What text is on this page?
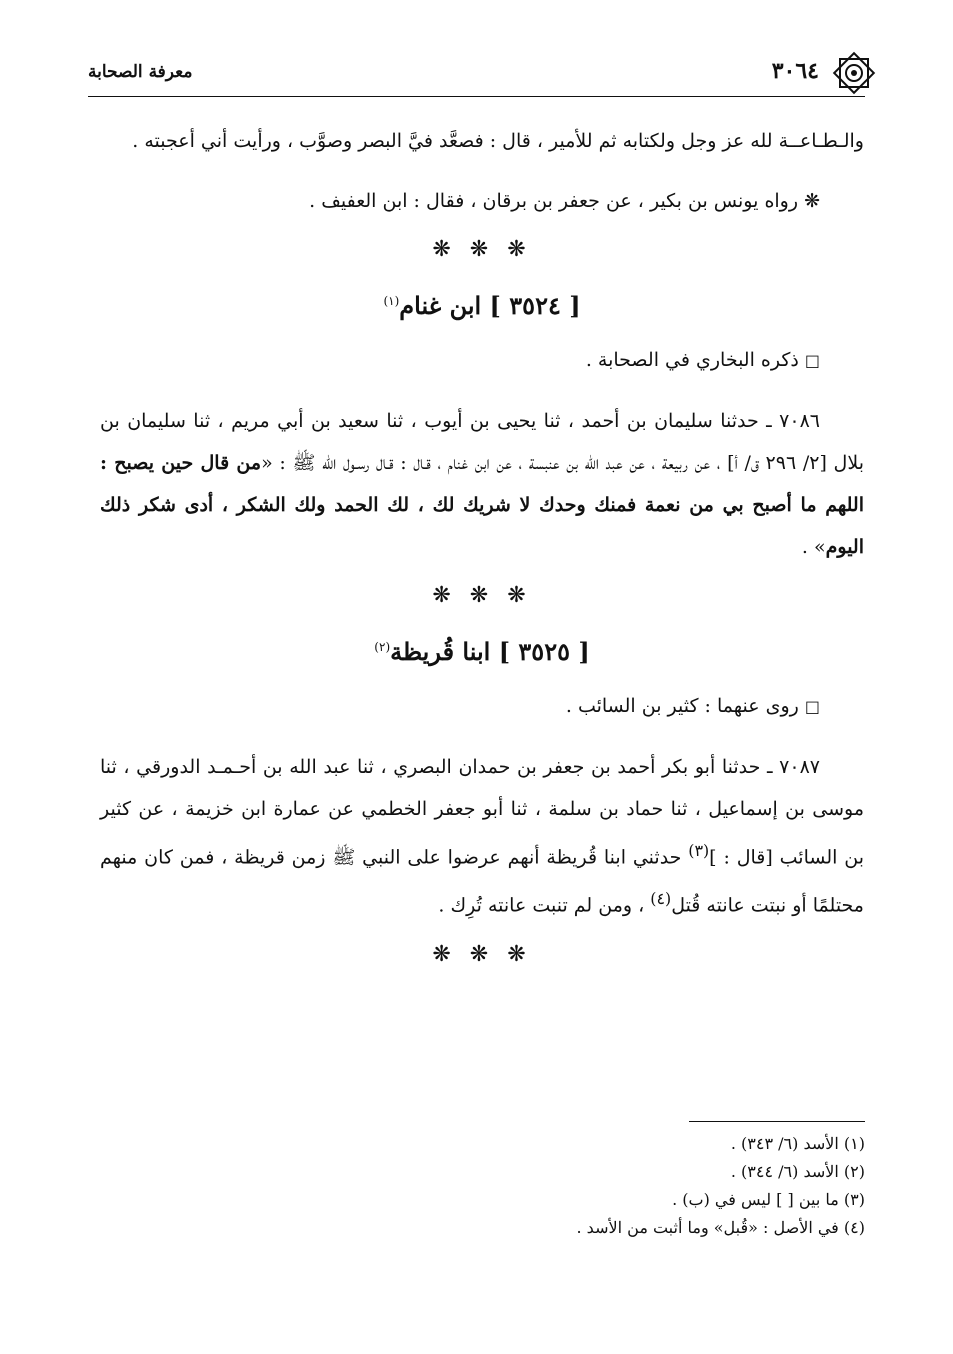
٣٠٦٤
معرفة الصحابة

والـطـاعــة لله عز وجل ولكتابه ثم للأمير ، قال : فصعَّد فيَّ البصر وصوَّب ، ورأيت أني أعجبته .

❋ رواه يونس بن بكير ، عن جعفر بن برقان ، فقال : ابن العفيف .

❋ ❋ ❋
[ ٣٥٢٤ ] ابن غنام$^{(١)}$

□ذكره البخاري في الصحابة .

٧٠٨٦ ـ حدثنا سليمان بن أحمد ، ثنا يحيى بن أيوب ، ثنا سعيد بن أبي مريم ، ثنا سليمان بن بلال [٢/ ٢٩٦ ق/ أ] ، عن ربيعة ، عن عبد الله بن عنبسة ، عن ابن غنام ، قـال : قـال رسـول الله ﷺ : «من قال حين يصبح : اللهم ما أصبح بي من نعمة فمنك وحدك لا شريك لك ، لك الحمد ولك الشكر ، أدى شكر ذلك اليوم» .

❋ ❋ ❋
[ ٣٥٢٥ ] ابنا قُريظة$^{(٢)}$

□روى عنهما : كثير بن السائب .

٧٠٨٧ ـ حدثنا أبو بكر أحمد بن جعفر بن حمدان البصري ، ثنا عبد الله بن أحـمـد الدورقي ، ثنا موسى بن إسماعيل ، ثنا حماد بن سلمة ، ثنا أبو جعفر الخطمي عن عمارة ابن خزيمة ، عن كثير بن السائب [قال : ]$^{(٣)}$ حدثني ابنا قُريظة أنهم عرضوا على النبي ﷺ زمن قريظة ، فمن كان منهم محتلمًا أو نبتت عانته قُتل$^{(٤)}$ ، ومن لم تنبت عانته تُرِك .

❋ ❋ ❋

(١) الأسد (٦/ ٣٤٣) .

(٢) الأسد (٦/ ٣٤٤) .

(٣) ما بين [ ] ليس في (ب) .

(٤) في الأصل : «قُبل» وما أثبت من الأسد .
